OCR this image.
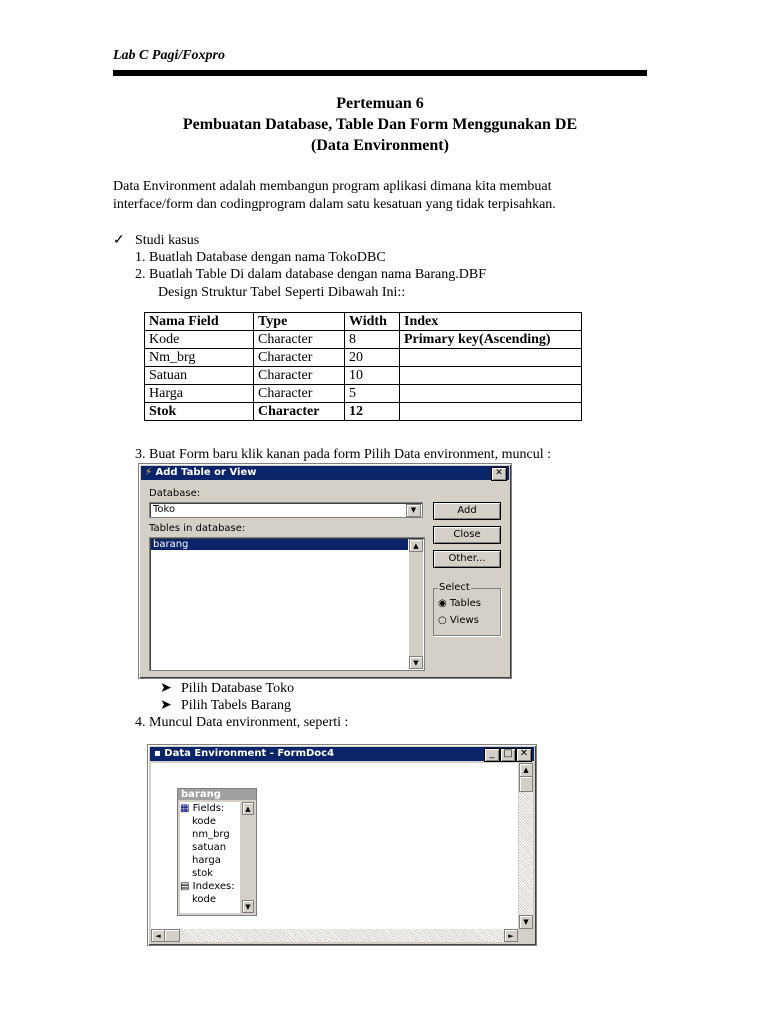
Lab C Pagi/Foxpro
Pertemuan 6
Pembuatan Database, Table Dan Form Menggunakan DE
(Data Environment)
Data Environment adalah membangun program aplikasi dimana kita membuat
interface/form dan codingprogram dalam satu kesatuan yang tidak terpisahkan.
✓ Studi kasus
1. Buatlah Database dengan nama TokoDBC
2. Buatlah Table Di dalam database dengan nama Barang.DBF
Design Struktur Tabel Seperti Dibawah Ini::
Nama Field	Type	Width	Index
Kode	Character	8	Primary key(Ascending)
Nm_brg	Character	20	
Satuan	Character	10	
Harga	Character	5	
Stok	Character	12	
3. Buat Form baru klik kanan pada form Pilih Data environment, muncul :
⚡ Add Table or View	✕
Database:
Toko	▼
Tables in database:
barang	▲
▼
Add
Close
Other...
Select
◉ Tables
○ Views
➤ Pilih Database Toko
➤ Pilih Tabels Barang
4. Muncul Data environment, seperti :
▪ Data Environment - FormDoc4	_ □ ✕
barang
▦ Fields:
kode
nm_brg
satuan
harga
stok
▤ Indexes:
kode
▲
▼
▲
▼
◄	►
